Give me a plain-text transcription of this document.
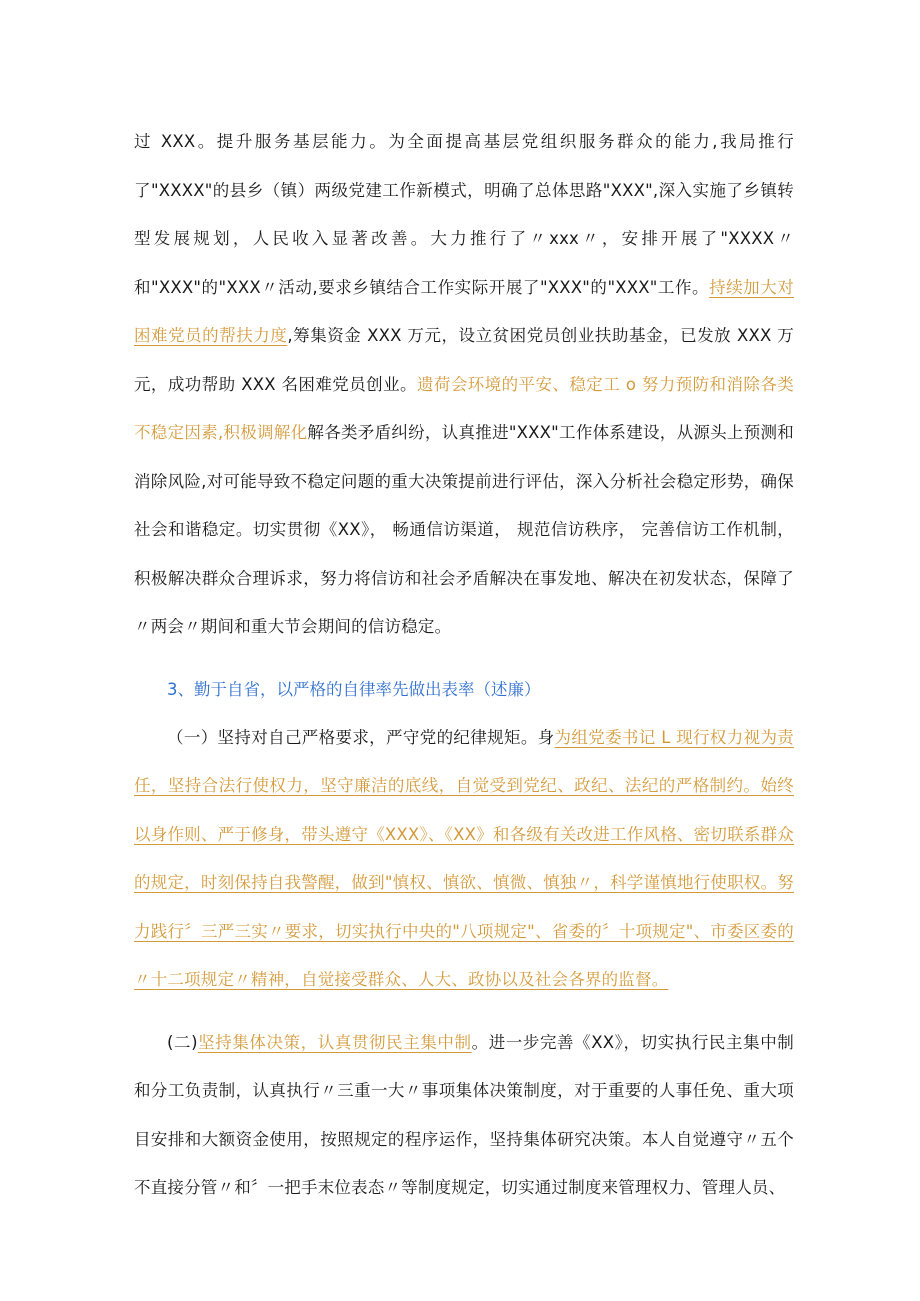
过 XXX。提升服务基层能力。为全面提高基层党组织服务群众的能力,我局推行了"XXXX"的县乡（镇）两级党建工作新模式，明确了总体思路"XXX",深入实施了乡镇转型发展规划，人民收入显著改善。大力推行了〃xxx〃，安排开展了"XXXX〃和"XXX"的"XXX〃活动,要求乡镇结合工作实际开展了"XXX"的"XXX"工作。持续加大对困难党员的帮扶力度,筹集资金 XXX 万元，设立贫困党员创业扶助基金，已发放 XXX 万元，成功帮助 XXX 名困难党员创业。遗荷会环境的平安、稳定工 o 努力预防和消除各类不稳定因素,积极调解化解各类矛盾纠纷，认真推进"XXX"工作体系建设，从源头上预测和消除风险,对可能导致不稳定问题的重大决策提前进行评估，深入分析社会稳定形势，确保社会和谐稳定。切实贯彻《XX》， 畅通信访渠道， 规范信访秩序， 完善信访工作机制，积极解决群众合理诉求，努力将信访和社会矛盾解决在事发地、解决在初发状态，保障了〃两会〃期间和重大节会期间的信访稳定。

3、勤于自省，以严格的自律率先做出表率（述廉）

（一）坚持对自己严格要求，严守党的纪律规矩。身为组党委书记 L 现行权力视为责任，坚持合法行使权力，坚守廉洁的底线，自觉受到党纪、政纪、法纪的严格制约。始终以身作则、严于修身，带头遵守《XXX》、《XX》和各级有关改进工作风格、密切联系群众的规定，时刻保持自我警醒，做到"慎权、慎欲、慎微、慎独〃，科学谨慎地行使职权。努力践行〞三严三实〃要求，切实执行中央的"八项规定"、省委的〞十项规定"、市委区委的〃十二项规定〃精神，自觉接受群众、人大、政协以及社会各界的监督。

(二)坚持集体决策，认真贯彻民主集中制。进一步完善《XX》，切实执行民主集中制和分工负责制，认真执行〃三重一大〃事项集体决策制度，对于重要的人事任免、重大项目安排和大额资金使用，按照规定的程序运作，坚持集体研究决策。本人自觉遵守〃五个不直接分管〃和〞一把手末位表态〃等制度规定，切实通过制度来管理权力、管理人员、
